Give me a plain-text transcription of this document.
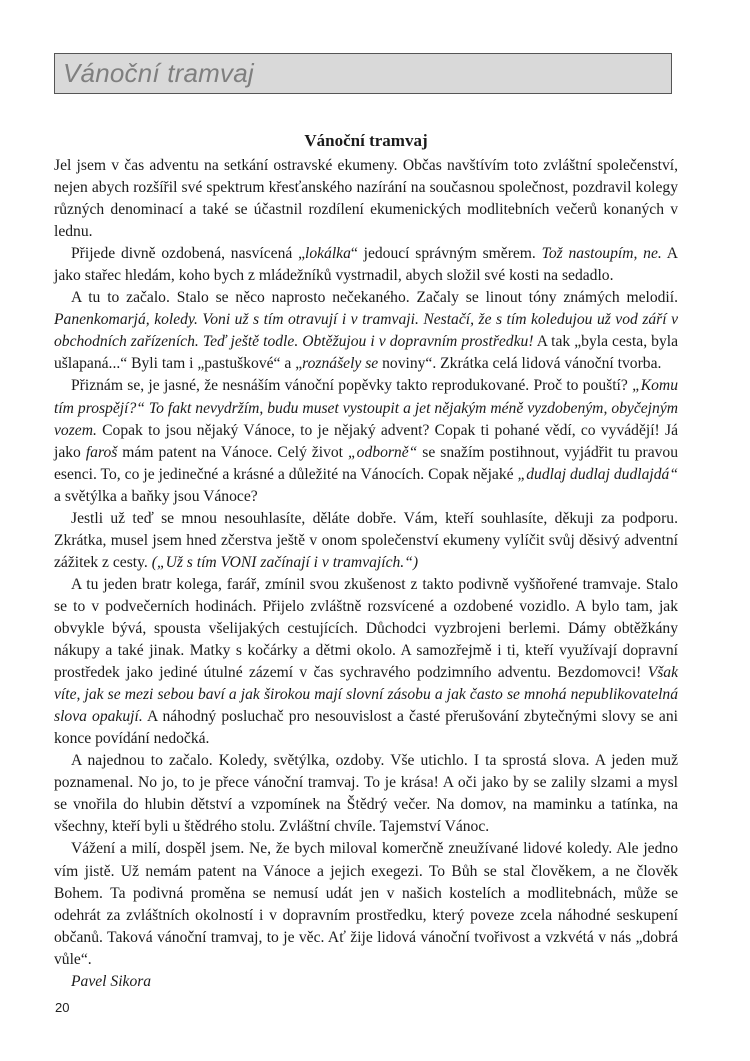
Vánoční tramvaj
Vánoční tramvaj

Jel jsem v čas adventu na setkání ostravské ekumeny. Občas navštívím toto zvláštní společenství, nejen abych rozšířil své spektrum křesťanského nazírání na současnou společnost, pozdravil kolegy různých denominací a také se účastnil rozdílení ekumenických modlitebních večerů konaných v lednu.

Přijede divně ozdobená, nasvícená „lokálka“ jedoucí správným směrem. Tož nastoupím, ne. A jako stařec hledám, koho bych z mládežníků vystrnadil, abych složil své kosti na sedadlo.

A tu to začalo. Stalo se něco naprosto nečekaného. Začaly se linout tóny známých melodií. Panenkomarjá, koledy. Voni už s tím otravují i v tramvaji. Nestačí, že s tím koledujou už vod září v obchodních zařízeních. Teď ještě todle. Obtěžujou i v dopravním prostředku! A tak „byla cesta, byla ušlapaná...“ Byli tam i „pastuškové“ a „roznášely se noviny“. Zkrátka celá lidová vánoční tvorba.

Přiznám se, je jasné, že nesnáším vánoční popěvky takto reprodukované. Proč to pouští? „Komu tím prospějí?“ To fakt nevydržím, budu muset vystoupit a jet nějakým méně vyzdobeným, obyčejným vozem. Copak to jsou nějaký Vánoce, to je nějaký advent? Copak ti pohané vědí, co vyvádějí! Já jako faroš mám patent na Vánoce. Celý život „odborně“ se snažím postihnout, vyjádřit tu pravou esenci. To, co je jedinečné a krásné a důležité na Vánocích. Copak nějaké „dudlaj dudlaj dudlajdá“ a světýlka a baňky jsou Vánoce?

Jestli už teď se mnou nesouhlasíte, děláte dobře. Vám, kteří souhlasíte, děkuji za podporu. Zkrátka, musel jsem hned zčerstva ještě v onom společenství ekumeny vylíčit svůj děsivý adventní zážitek z cesty. („Už s tím VONI začínají i v tramvajích.“)

A tu jeden bratr kolega, farář, zmínil svou zkušenost z takto podivně vyšňořené tramvaje. Stalo se to v podvečerních hodinách. Přijelo zvláštně rozsvícené a ozdobené vozidlo. A bylo tam, jak obvykle bývá, spousta všelijakých cestujících. Důchodci vyzbrojeni berlemi. Dámy obtěžkány nákupy a také jinak. Matky s kočárky a dětmi okolo. A samozřejmě i ti, kteří využívají dopravní prostředek jako jediné útulné zázemí v čas sychravého podzimního adventu. Bezdomovci! Však víte, jak se mezi sebou baví a jak širokou mají slovní zásobu a jak často se mnohá nepublikovatelná slova opakují. A náhodný posluchač pro nesouvislost a časté přerušování zbytečnými slovy se ani konce povídání nedočká.

A najednou to začalo. Koledy, světýlka, ozdoby. Vše utichlo. I ta sprostá slova. A jeden muž poznamenal. No jo, to je přece vánoční tramvaj. To je krása! A oči jako by se zalily slzami a mysl se vnořila do hlubin dětství a vzpomínek na Štědrý večer. Na domov, na maminku a tatínka, na všechny, kteří byli u štědrého stolu. Zvláštní chvíle. Tajemství Vánoc.

Vážení a milí, dospěl jsem. Ne, že bych miloval komerčně zneužívané lidové koledy. Ale jedno vím jistě. Už nemám patent na Vánoce a jejich exegezi. To Bůh se stal člověkem, a ne člověk Bohem. Ta podivná proměna se nemusí udát jen v našich kostelích a modlitebnách, může se odehrát za zvláštních okolností i v dopravním prostředku, který poveze zcela náhodné seskupení občanů. Taková vánoční tramvaj, to je věc. Ať žije lidová vánoční tvořivost a vzkvétá v nás „dobrá vůle“.

Pavel Sikora

20
